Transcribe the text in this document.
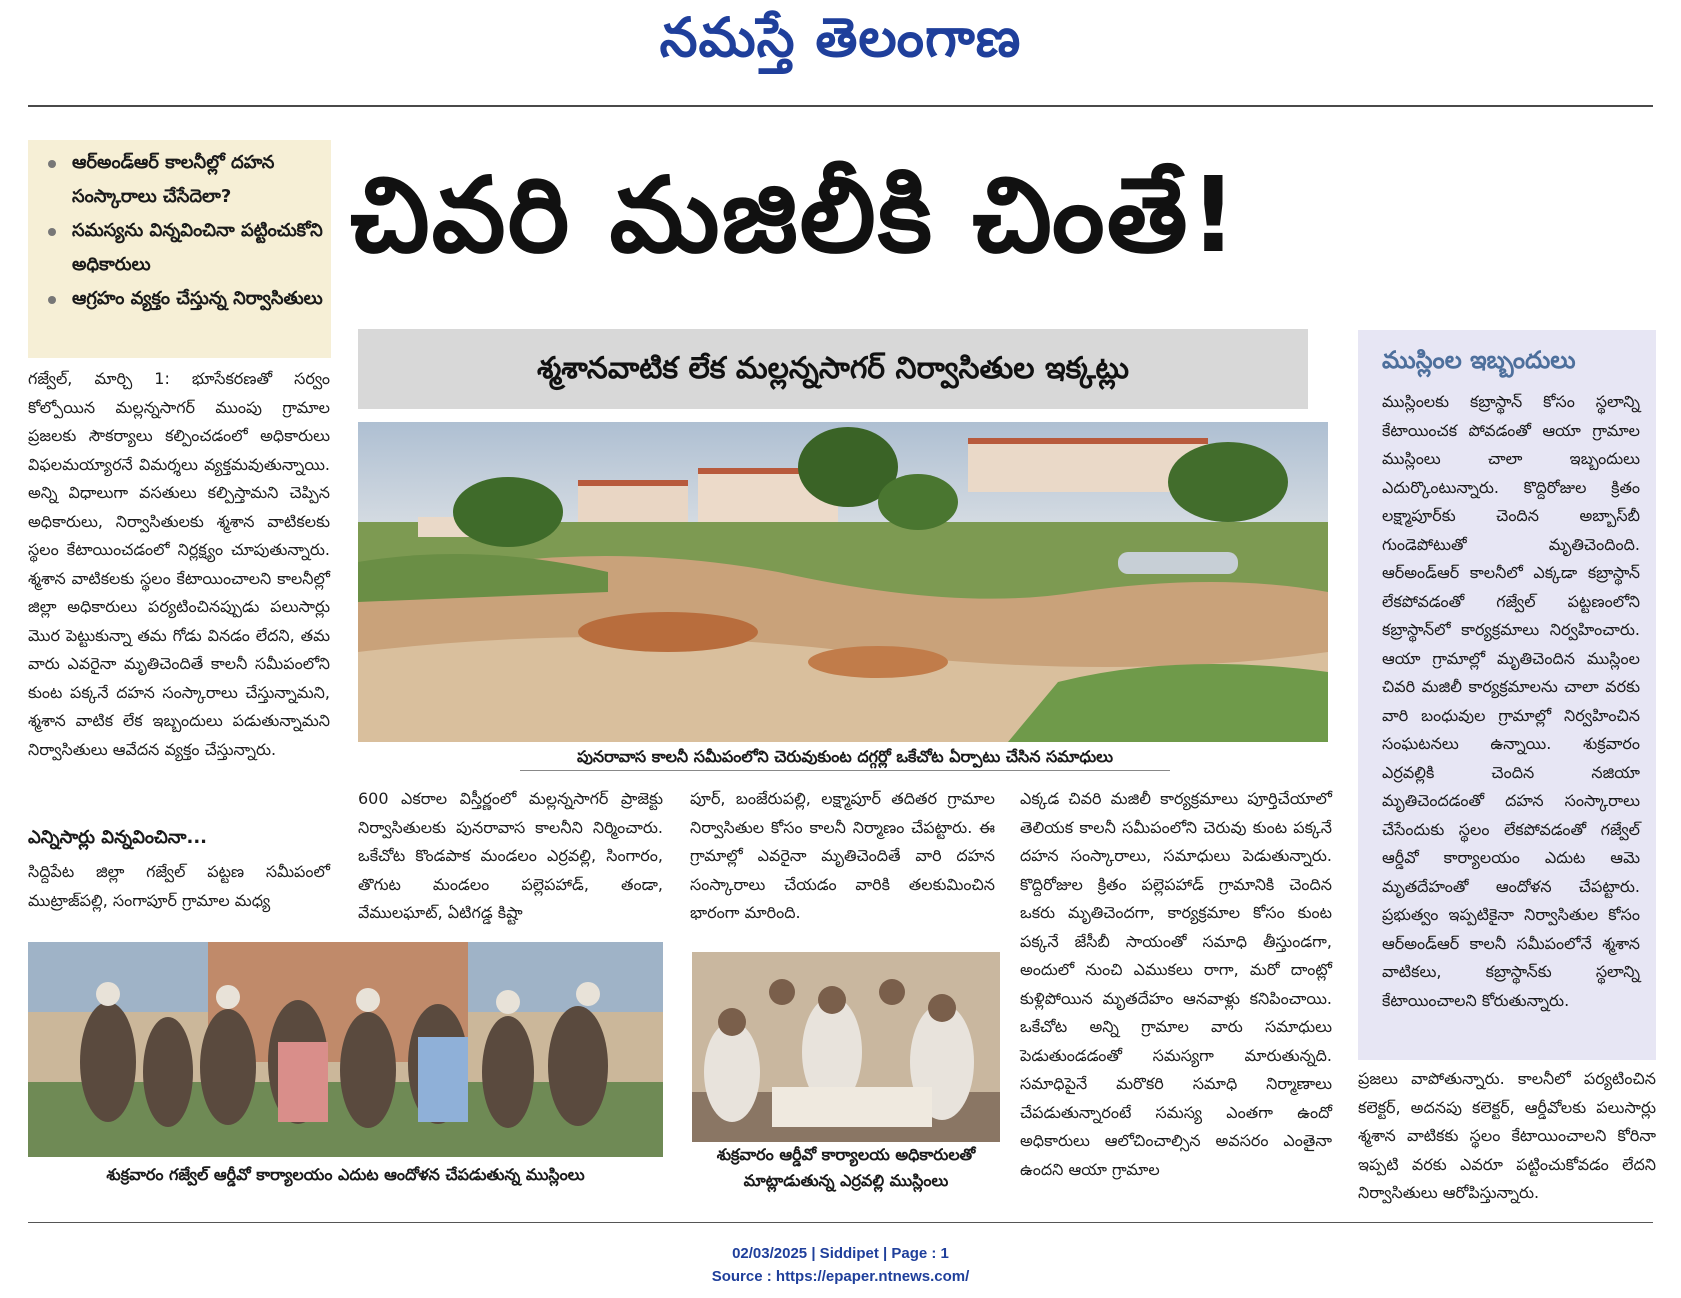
నమస్తే తెలంగాణ
ఆర్అండ్ఆర్ కాలనీల్లో దహన సంస్కారాలు చేసేదెలా?
సమస్యను విన్నవించినా పట్టించుకోని అధికారులు
ఆగ్రహం వ్యక్తం చేస్తున్న నిర్వాసితులు
చివరి మజిలీకి చింతే!
శ్మశానవాటిక లేక మల్లన్నసాగర్ నిర్వాసితుల ఇక్కట్లు

గజ్వేల్, మార్చి 1: భూసేకరణతో సర్వం కోల్పోయిన మల్లన్నసాగర్ ముంపు గ్రామాల ప్రజలకు సౌకర్యాలు కల్పించడంలో అధికారులు విఫలమయ్యారనే విమర్శలు వ్యక్తమవుతున్నాయి. అన్ని విధాలుగా వసతులు కల్పిస్తామని చెప్పిన అధికారులు, నిర్వాసితులకు శ్మశాన వాటికలకు స్థలం కేటాయించడంలో నిర్లక్ష్యం చూపుతున్నారు. శ్మశాన వాటికలకు స్థలం కేటాయించాలని కాలనీల్లో జిల్లా అధికారులు పర్యటించినప్పుడు పలుసార్లు మొర పెట్టుకున్నా తమ గోడు వినడం లేదని, తమ వారు ఎవరైనా మృతిచెందితే కాలనీ సమీపంలోని కుంట పక్కనే దహన సంస్కారాలు చేస్తున్నామని, శ్మశాన వాటిక లేక ఇబ్బందులు పడుతున్నామని నిర్వాసితులు ఆవేదన వ్యక్తం చేస్తున్నారు.

ఎన్నిసార్లు విన్నవించినా...

సిద్దిపేట జిల్లా గజ్వేల్ పట్టణ సమీపంలో ముట్రాజ్‌పల్లి, సంగాపూర్ గ్రామాల మధ్య

పునరావాస కాలనీ సమీపంలోని చెరువుకుంట దగ్గర్లో ఒకేచోట ఏర్పాటు చేసిన సమాధులు

600 ఎకరాల విస్తీర్ణంలో మల్లన్నసాగర్ ప్రాజెక్టు నిర్వాసితులకు పునరావాస కాలనీని నిర్మించారు. ఒకేచోట కొండపాక మండలం ఎర్రవల్లి, సింగారం, తొగుట మండలం పల్లెపహాడ్, తండా, వేములఘాట్, ఏటిగడ్డ కిష్టా

పూర్, బంజేరుపల్లి, లక్ష్మాపూర్ తదితర గ్రామాల నిర్వాసితుల కోసం కాలనీ నిర్మాణం చేపట్టారు. ఈ గ్రామాల్లో ఎవరైనా మృతిచెందితే వారి దహన సంస్కారాలు చేయడం వారికి తలకుమించిన భారంగా మారింది.

ఎక్కడ చివరి మజిలీ కార్యక్రమాలు పూర్తిచేయాలో తెలియక కాలనీ సమీపంలోని చెరువు కుంట పక్కనే దహన సంస్కారాలు, సమాధులు పెడుతున్నారు. కొద్దిరోజుల క్రితం పల్లెపహాడ్ గ్రామానికి చెందిన ఒకరు మృతిచెందగా, కార్యక్రమాల కోసం కుంట పక్కనే జేసీబీ సాయంతో సమాధి తీస్తుండగా, అందులో నుంచి ఎముకలు రాగా, మరో దాంట్లో కుళ్లిపోయిన మృతదేహం ఆనవాళ్లు కనిపించాయి. ఒకేచోట అన్ని గ్రామాల వారు సమాధులు పెడుతుండడంతో సమస్యగా మారుతున్నది. సమాధిపైనే మరొకరి సమాధి నిర్మాణాలు చేపడుతున్నారంటే సమస్య ఎంతగా ఉందో అధికారులు ఆలోచించాల్సిన అవసరం ఎంతైనా ఉందని ఆయా గ్రామాల

ముస్లింల ఇబ్బందులు

ముస్లింలకు కబ్రాస్థాన్ కోసం స్థలాన్ని కేటాయించక పోవడంతో ఆయా గ్రామాల ముస్లింలు చాలా ఇబ్బందులు ఎదుర్కొంటున్నారు. కొద్దిరోజుల క్రితం లక్ష్మాపూర్‌కు చెందిన అబ్బాస్‌బీ గుండెపోటుతో మృతిచెందింది. ఆర్అండ్ఆర్ కాలనీలో ఎక్కడా కబ్రాస్థాన్ లేకపోవడంతో గజ్వేల్ పట్టణంలోని కబ్రాస్థాన్‌లో కార్యక్రమాలు నిర్వహించారు. ఆయా గ్రామాల్లో మృతిచెందిన ముస్లింల చివరి మజిలీ కార్యక్రమాలను చాలా వరకు వారి బంధువుల గ్రామాల్లో నిర్వహించిన సంఘటనలు ఉన్నాయి. శుక్రవారం ఎర్రవల్లికి చెందిన నజియా మృతిచెందడంతో దహన సంస్కారాలు చేసేందుకు స్థలం లేకపోవడంతో గజ్వేల్ ఆర్డీవో కార్యాలయం ఎదుట ఆమె మృతదేహంతో ఆందోళన చేపట్టారు. ప్రభుత్వం ఇప్పటికైనా నిర్వాసితుల కోసం ఆర్అండ్ఆర్ కాలనీ సమీపంలోనే శ్మశాన వాటికలు, కబ్రాస్థాన్‌కు స్థలాన్ని కేటాయించాలని కోరుతున్నారు.

ప్రజలు వాపోతున్నారు. కాలనీలో పర్యటించిన కలెక్టర్, అదనపు కలెక్టర్, ఆర్డీవోలకు పలుసార్లు శ్మశాన వాటికకు స్థలం కేటాయించాలని కోరినా ఇప్పటి వరకు ఎవరూ పట్టించుకోవడం లేదని నిర్వాసితులు ఆరోపిస్తున్నారు.

శుక్రవారం గజ్వేల్ ఆర్డీవో కార్యాలయం ఎదుట ఆందోళన చేపడుతున్న ముస్లింలు
శుక్రవారం ఆర్డీవో కార్యాలయ అధికారులతో
మాట్లాడుతున్న ఎర్రవల్లి ముస్లింలు
02/03/2025 | Siddipet | Page : 1
Source : https://epaper.ntnews.com/
